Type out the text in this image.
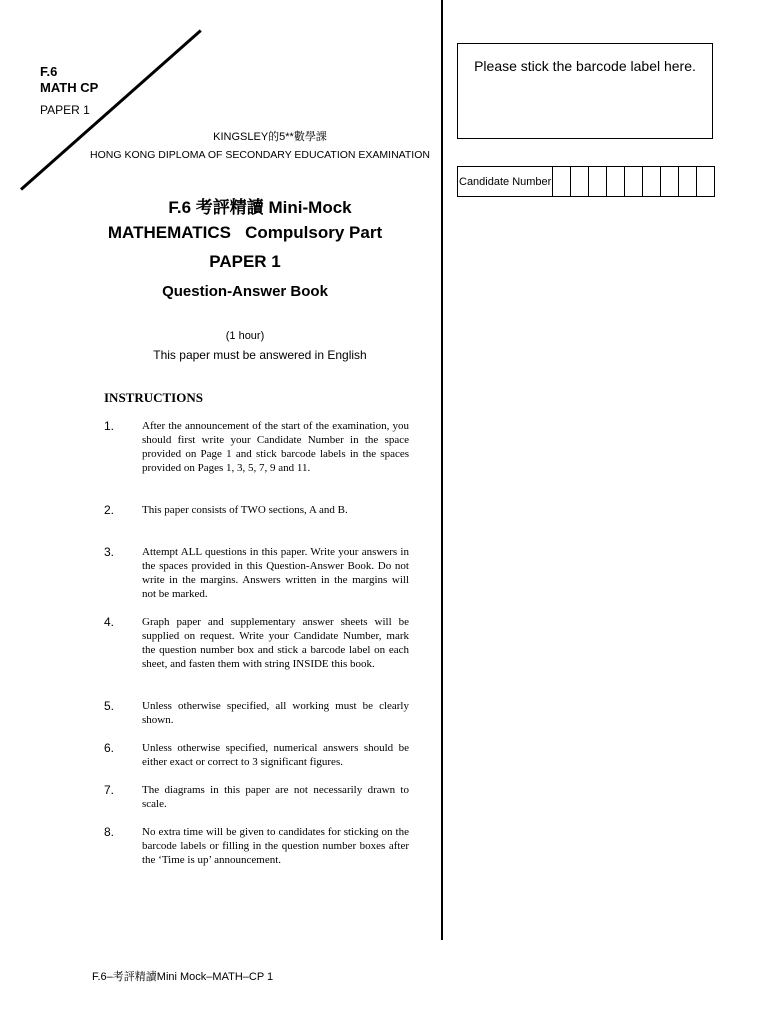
F.6
MATH CP
PAPER 1
KINGSLEY的5**數學課
HONG KONG DIPLOMA OF SECONDARY EDUCATION EXAMINATION
F.6 考評精讀 Mini-Mock
MATHEMATICS   Compulsory Part
PAPER 1
Question-Answer Book
(1 hour)
This paper must be answered in English
INSTRUCTIONS
1.	After the announcement of the start of the examination, you should first write your Candidate Number in the space provided on Page 1 and stick barcode labels in the spaces provided on Pages 1, 3, 5, 7, 9 and 11.
2.	This paper consists of TWO sections, A and B.
3.	Attempt ALL questions in this paper. Write your answers in the spaces provided in this Question-Answer Book. Do not write in the margins. Answers written in the margins will not be marked.
4.	Graph paper and supplementary answer sheets will be supplied on request. Write your Candidate Number, mark the question number box and stick a barcode label on each sheet, and fasten them with string INSIDE this book.
5.	Unless otherwise specified, all working must be clearly shown.
6.	Unless otherwise specified, numerical answers should be either exact or correct to 3 significant figures.
7.	The diagrams in this paper are not necessarily drawn to scale.
8.	No extra time will be given to candidates for sticking on the barcode labels or filling in the question number boxes after the ‘Time is up’ announcement.
Please stick the barcode label here.
Candidate Number
F.6–考評精讀Mini Mock–MATH–CP 1
